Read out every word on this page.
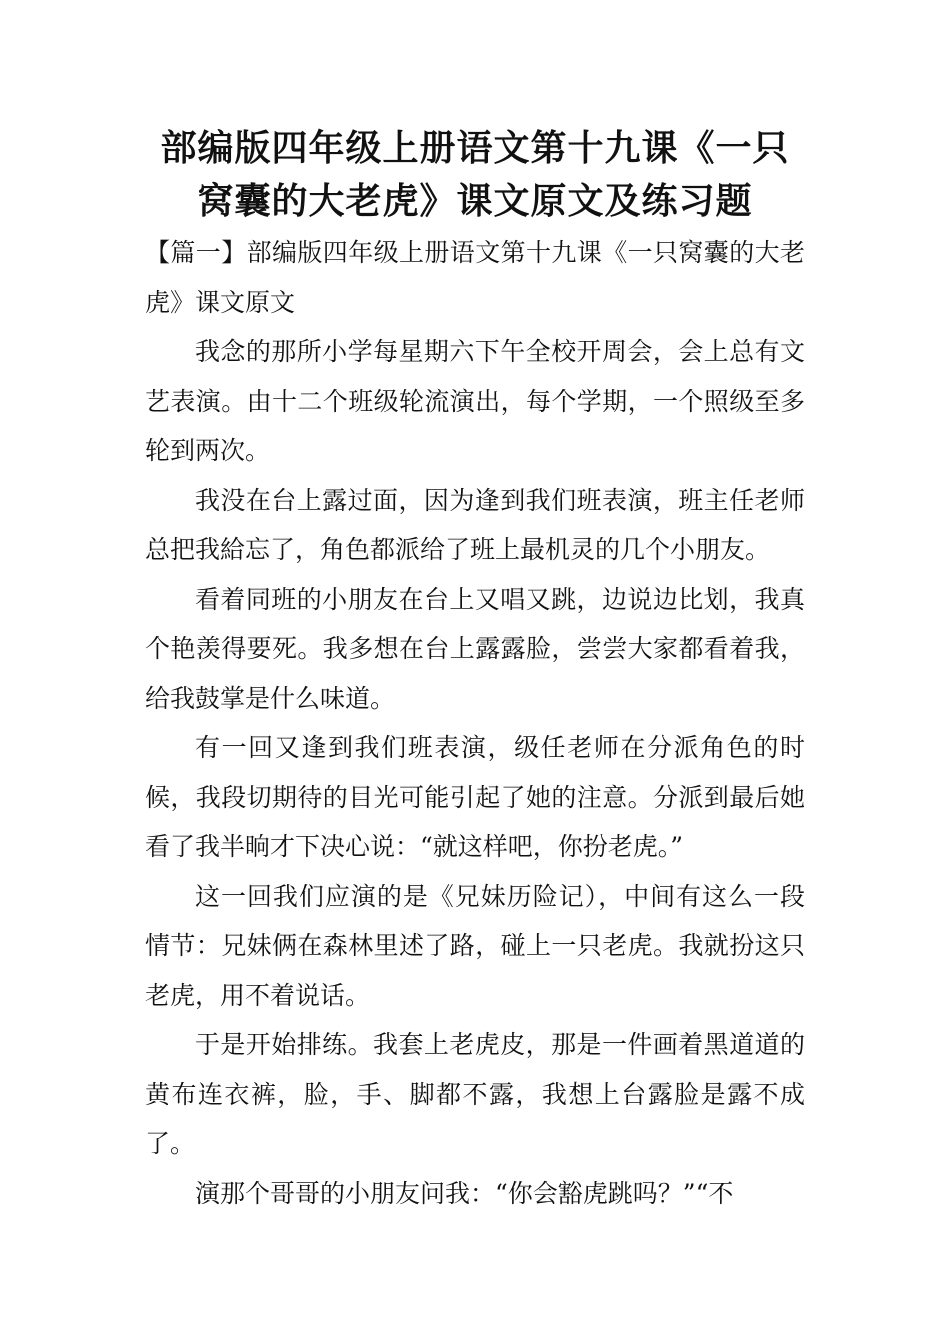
部编版四年级上册语文第十九课《一只窝囊的大老虎》课文原文及练习题

【篇一】部编版四年级上册语文第十九课《一只窝囊的大老虎》课文原文

我念的那所小学每星期六下午全校开周会，会上总有文艺表演。由十二个班级轮流演出，每个学期，一个照级至多轮到两次。

我没在台上露过面，因为逢到我们班表演，班主任老师总把我給忘了，角色都派给了班上最机灵的几个小朋友。

看着同班的小朋友在台上又唱又跳，边说边比划，我真个艳羡得要死。我多想在台上露露脸，尝尝大家都看着我，给我鼓掌是什么味道。

有一回又逢到我们班表演，级任老师在分派角色的时候，我段切期待的目光可能引起了她的注意。分派到最后她看了我半晌才下决心说：“就这样吧，你扮老虎。”

这一回我们应演的是《兄妹历险记），中间有这么一段情节：兄妹俩在森林里述了路，碰上一只老虎。我就扮这只老虎，用不着说话。

于是开始排练。我套上老虎皮，那是一件画着黑道道的黄布连衣裤，脸，手、脚都不露，我想上台露脸是露不成了。

演那个哥哥的小朋友问我：“你会豁虎跳吗？”“不
